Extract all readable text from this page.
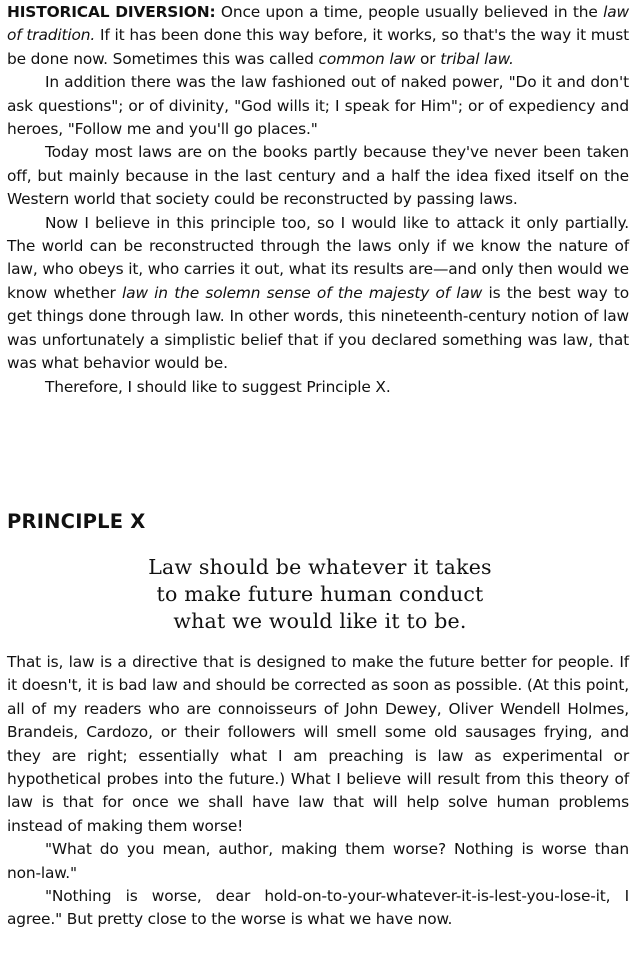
HISTORICAL DIVERSION: Once upon a time, people usually believed in the law of tradition. If it has been done this way before, it works, so that's the way it must be done now. Sometimes this was called common law or tribal law.

In addition there was the law fashioned out of naked power, "Do it and don't ask questions"; or of divinity, "God wills it; I speak for Him"; or of expediency and heroes, "Follow me and you'll go places."

Today most laws are on the books partly because they've never been taken off, but mainly because in the last century and a half the idea fixed itself on the Western world that society could be reconstructed by passing laws.

Now I believe in this principle too, so I would like to attack it only partially. The world can be reconstructed through the laws only if we know the nature of law, who obeys it, who carries it out, what its results are—and only then would we know whether law in the solemn sense of the majesty of law is the best way to get things done through law. In other words, this nineteenth-century notion of law was unfortunately a simplistic belief that if you declared something was law, that was what behavior would be.

Therefore, I should like to suggest Principle X.

PRINCIPLE X
Law should be whatever it takes
to make future human conduct
what we would like it to be.

That is, law is a directive that is designed to make the future better for people. If it doesn't, it is bad law and should be corrected as soon as possible. (At this point, all of my readers who are connoisseurs of John Dewey, Oliver Wendell Holmes, Brandeis, Cardozo, or their followers will smell some old sausages frying, and they are right; essentially what I am preaching is law as experimental or hypothetical probes into the future.) What I believe will result from this theory of law is that for once we shall have law that will help solve human problems instead of making them worse!

"What do you mean, author, making them worse? Nothing is worse than non-law."

"Nothing is worse, dear hold-on-to-your-whatever-it-is-lest-you-lose-it, I agree." But pretty close to the worse is what we have now.
